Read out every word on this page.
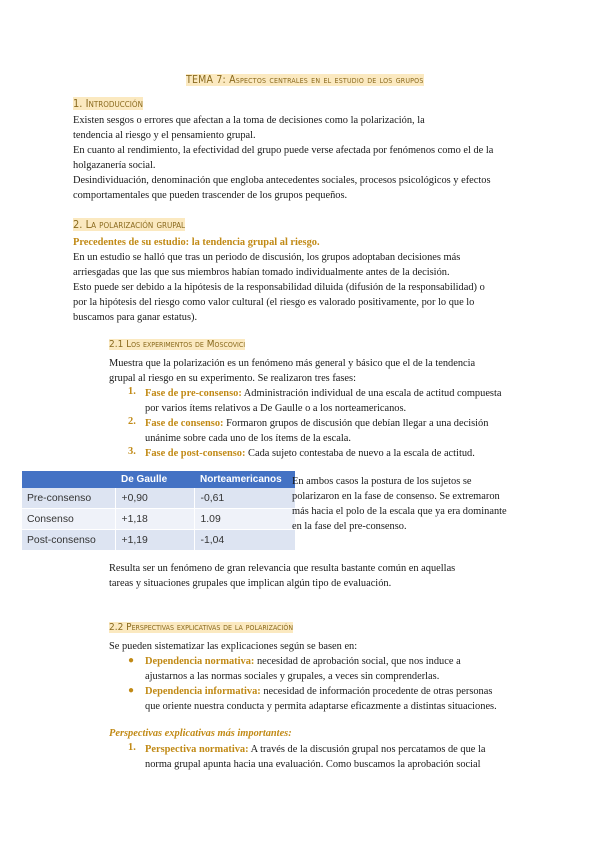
TEMA 7: Aspectos centrales en el estudio de los grupos
1. Introducción
Existen sesgos o errores que afectan a la toma de decisiones como la polarización, la
tendencia al riesgo y el pensamiento grupal.
En cuanto al rendimiento, la efectividad del grupo puede verse afectada por fenómenos como el de la
holgazanería social.
Desindividuación, denominación que engloba antecedentes sociales, procesos psicológicos y efectos
comportamentales que pueden trascender de los grupos pequeños.
2. La polarización grupal
Precedentes de su estudio: la tendencia grupal al riesgo.
En un estudio se halló que tras un periodo de discusión, los grupos adoptaban decisiones más
arriesgadas que las que sus miembros habían tomado individualmente antes de la decisión.
Esto puede ser debido a la hipótesis de la responsabilidad diluida (difusión de la responsabilidad) o
por la hipótesis del riesgo como valor cultural (el riesgo es valorado positivamente, por lo que lo
buscamos para ganar estatus).
2.1 Los experimentos de Moscovici
Muestra que la polarización es un fenómeno más general y básico que el de la tendencia
grupal al riesgo en su experimento. Se realizaron tres fases:
1. Fase de pre-consenso: Administración individual de una escala de actitud compuesta
por varios ítems relativos a De Gaulle o a los norteamericanos.
2. Fase de consenso: Formaron grupos de discusión que debían llegar a una decisión
unánime sobre cada uno de los ítems de la escala.
3. Fase de post-consenso: Cada sujeto contestaba de nuevo a la escala de actitud.
	De Gaulle	Norteamericanos
Pre-consenso	+0,90	-0,61
Consenso	+1,18	1.09
Post-consenso	+1,19	-1,04
En ambos casos la postura de los sujetos se
polarizaron en la fase de consenso. Se extremaron
más hacia el polo de la escala que ya era dominante
en la fase del pre-consenso.
Resulta ser un fenómeno de gran relevancia que resulta bastante común en aquellas
tareas y situaciones grupales que implican algún tipo de evaluación.
2.2 Perspectivas explicativas de la polarización
Se pueden sistematizar las explicaciones según se basen en:
● Dependencia normativa: necesidad de aprobación social, que nos induce a
ajustarnos a las normas sociales y grupales, a veces sin comprenderlas.
● Dependencia informativa: necesidad de información procedente de otras personas
que oriente nuestra conducta y permita adaptarse eficazmente a distintas situaciones.
Perspectivas explicativas más importantes:
1. Perspectiva normativa: A través de la discusión grupal nos percatamos de que la
norma grupal apunta hacia una evaluación. Como buscamos la aprobación social
